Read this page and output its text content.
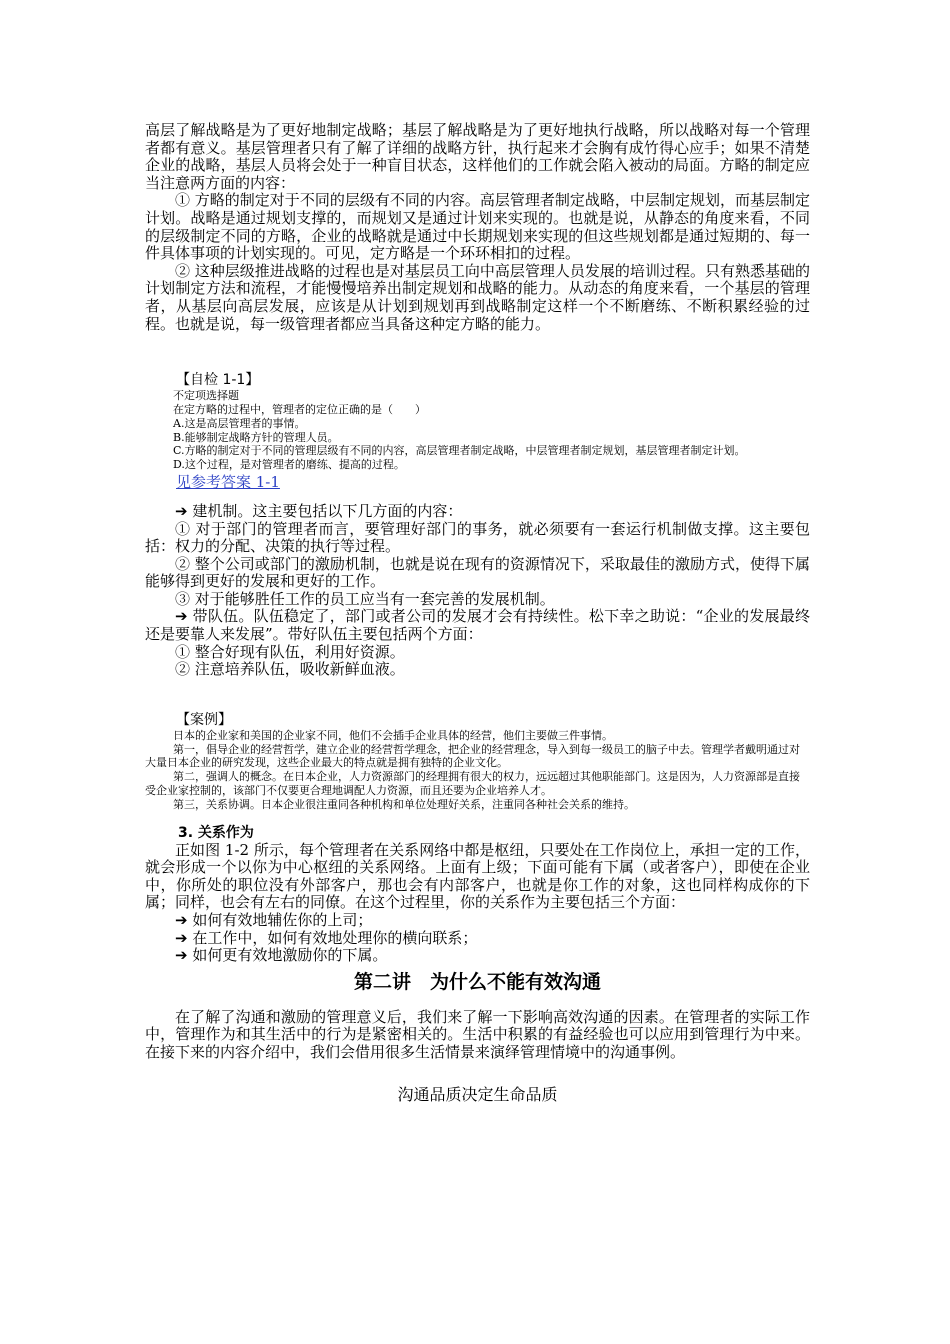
高层了解战略是为了更好地制定战略；基层了解战略是为了更好地执行战略，所以战略对每一个管理者都有意义。基层管理者只有了解了详细的战略方针，执行起来才会胸有成竹得心应手；如果不清楚企业的战略，基层人员将会处于一种盲目状态，这样他们的工作就会陷入被动的局面。方略的制定应当注意两方面的内容：

① 方略的制定对于不同的层级有不同的内容。高层管理者制定战略，中层制定规划，而基层制定计划。战略是通过规划支撑的，而规划又是通过计划来实现的。也就是说，从静态的角度来看，不同的层级制定不同的方略，企业的战略就是通过中长期规划来实现的但这些规划都是通过短期的、每一件具体事项的计划实现的。可见，定方略是一个环环相扣的过程。

② 这种层级推进战略的过程也是对基层员工向中高层管理人员发展的培训过程。只有熟悉基础的计划制定方法和流程，才能慢慢培养出制定规划和战略的能力。从动态的角度来看，一个基层的管理者，从基层向高层发展，应该是从计划到规划再到战略制定这样一个不断磨练、不断积累经验的过程。也就是说，每一级管理者都应当具备这种定方略的能力。

【自检 1-1】

不定项选择题

在定方略的过程中，管理者的定位正确的是（　　）

A.这是高层管理者的事情。

B.能够制定战略方针的管理人员。

C.方略的制定对于不同的管理层级有不同的内容，高层管理者制定战略，中层管理者制定规划，基层管理者制定计划。

D.这个过程，是对管理者的磨练、提高的过程。

见参考答案 1-1

➔ 建机制。这主要包括以下几方面的内容：

① 对于部门的管理者而言，要管理好部门的事务，就必须要有一套运行机制做支撑。这主要包括：权力的分配、决策的执行等过程。

② 整个公司或部门的激励机制，也就是说在现有的资源情况下，采取最佳的激励方式，使得下属能够得到更好的发展和更好的工作。

③ 对于能够胜任工作的员工应当有一套完善的发展机制。

➔ 带队伍。队伍稳定了，部门或者公司的发展才会有持续性。松下幸之助说：“企业的发展最终还是要靠人来发展”。带好队伍主要包括两个方面：

① 整合好现有队伍，利用好资源。

② 注意培养队伍，吸收新鲜血液。

【案例】

日本的企业家和美国的企业家不同，他们不会插手企业具体的经营，他们主要做三件事情。

第一，倡导企业的经营哲学，建立企业的经营哲学理念，把企业的经营理念，导入到每一级员工的脑子中去。管理学者戴明通过对大量日本企业的研究发现，这些企业最大的特点就是拥有独特的企业文化。

第二，强调人的概念。在日本企业，人力资源部门的经理拥有很大的权力，远远超过其他职能部门。这是因为，人力资源部是直接受企业家控制的，该部门不仅要更合理地调配人力资源，而且还要为企业培养人才。

第三，关系协调。日本企业很注重同各种机构和单位处理好关系，注重同各种社会关系的维持。

3. 关系作为

正如图 1-2 所示，每个管理者在关系网络中都是枢纽，只要处在工作岗位上，承担一定的工作，就会形成一个以你为中心枢纽的关系网络。上面有上级；下面可能有下属（或者客户），即使在企业中，你所处的职位没有外部客户，那也会有内部客户，也就是你工作的对象，这也同样构成你的下属；同样，也会有左右的同僚。在这个过程里，你的关系作为主要包括三个方面：

➔ 如何有效地辅佐你的上司；

➔ 在工作中，如何有效地处理你的横向联系；

➔ 如何更有效地激励你的下属。

第二讲　为什么不能有效沟通

在了解了沟通和激励的管理意义后，我们来了解一下影响高效沟通的因素。在管理者的实际工作中，管理作为和其生活中的行为是紧密相关的。生活中积累的有益经验也可以应用到管理行为中来。在接下来的内容介绍中，我们会借用很多生活情景来演绎管理情境中的沟通事例。

沟通品质决定生命品质
